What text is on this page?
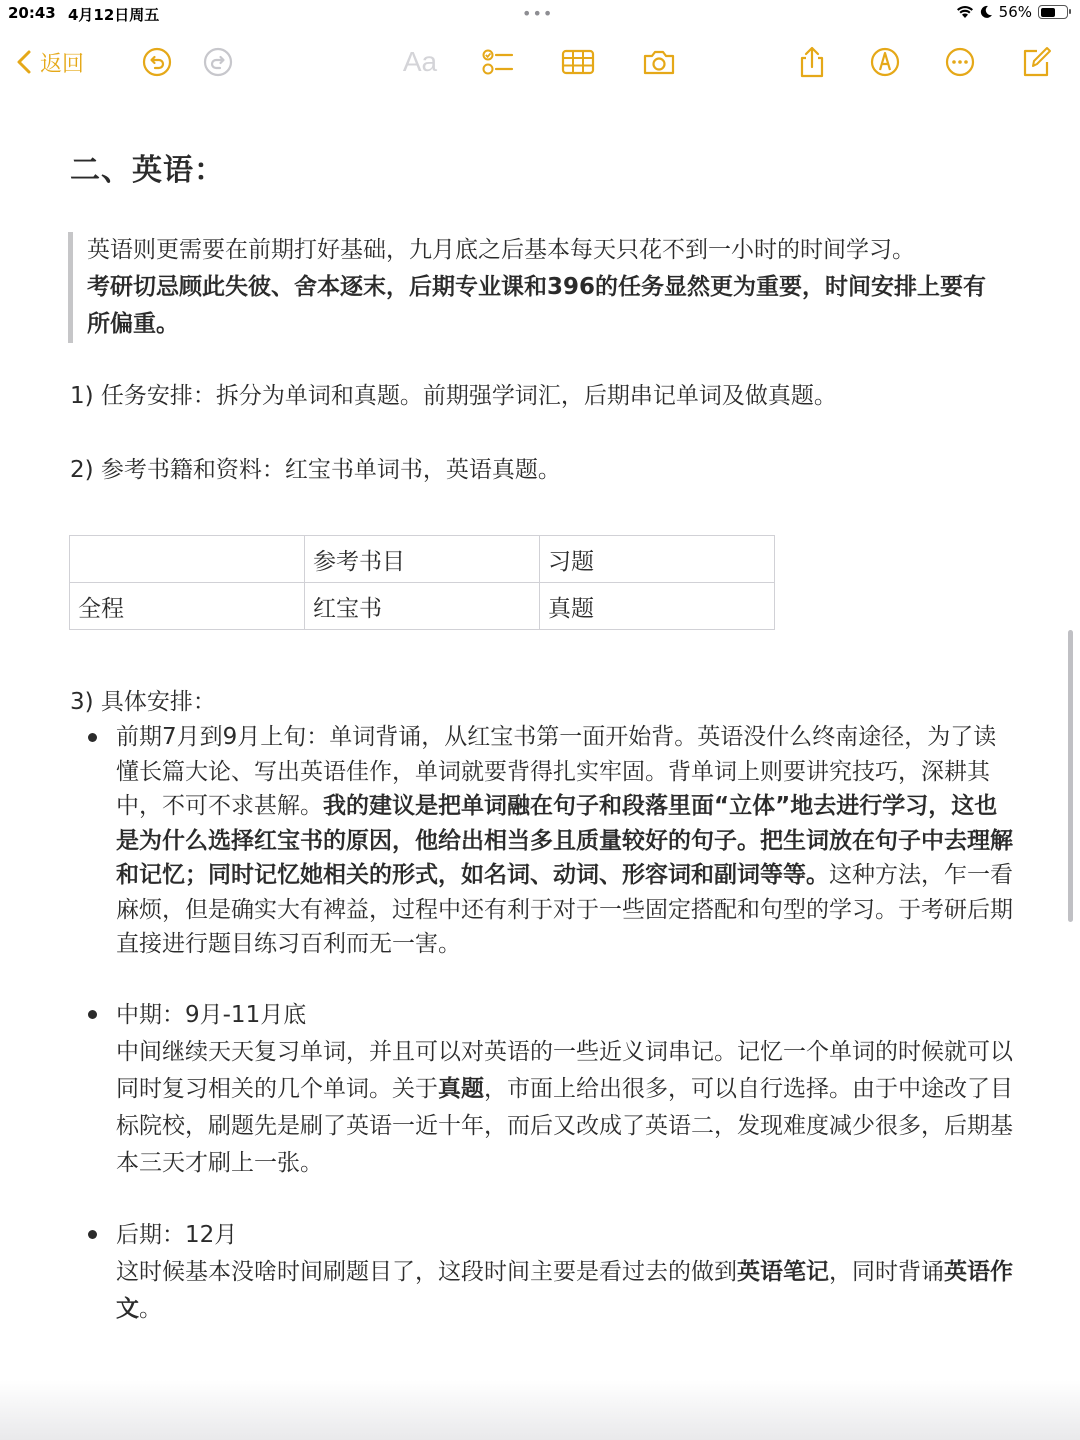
20:43 4月12日周五	•••	56%
返回	Aa
二、英语：
英语则更需要在前期打好基础，九月底之后基本每天只花不到一小时的时间学习。
考研切忌顾此失彼、舍本逐末，后期专业课和396的任务显然更为重要，时间安排上要有所偏重。
1) 任务安排：拆分为单词和真题。前期强学词汇，后期串记单词及做真题。
2) 参考书籍和资料：红宝书单词书，英语真题。
	参考书目	习题
全程	红宝书	真题
3) 具体安排：
前期7月到9月上旬：单词背诵，从红宝书第一面开始背。英语没什么终南途径，为了读懂长篇大论、写出英语佳作，单词就要背得扎实牢固。背单词上则要讲究技巧，深耕其中，不可不求甚解。我的建议是把单词融在句子和段落里面“立体”地去进行学习，这也是为什么选择红宝书的原因，他给出相当多且质量较好的句子。把生词放在句子中去理解和记忆；同时记忆她相关的形式，如名词、动词、形容词和副词等等。这种方法，乍一看麻烦，但是确实大有裨益，过程中还有利于对于一些固定搭配和句型的学习。于考研后期直接进行题目练习百利而无一害。
中期：9月-11月底
中间继续天天复习单词，并且可以对英语的一些近义词串记。记忆一个单词的时候就可以同时复习相关的几个单词。关于真题，市面上给出很多，可以自行选择。由于中途改了目标院校，刷题先是刷了英语一近十年，而后又改成了英语二，发现难度减少很多，后期基本三天才刷上一张。
后期：12月
这时候基本没啥时间刷题目了，这段时间主要是看过去的做到英语笔记，同时背诵英语作文。
